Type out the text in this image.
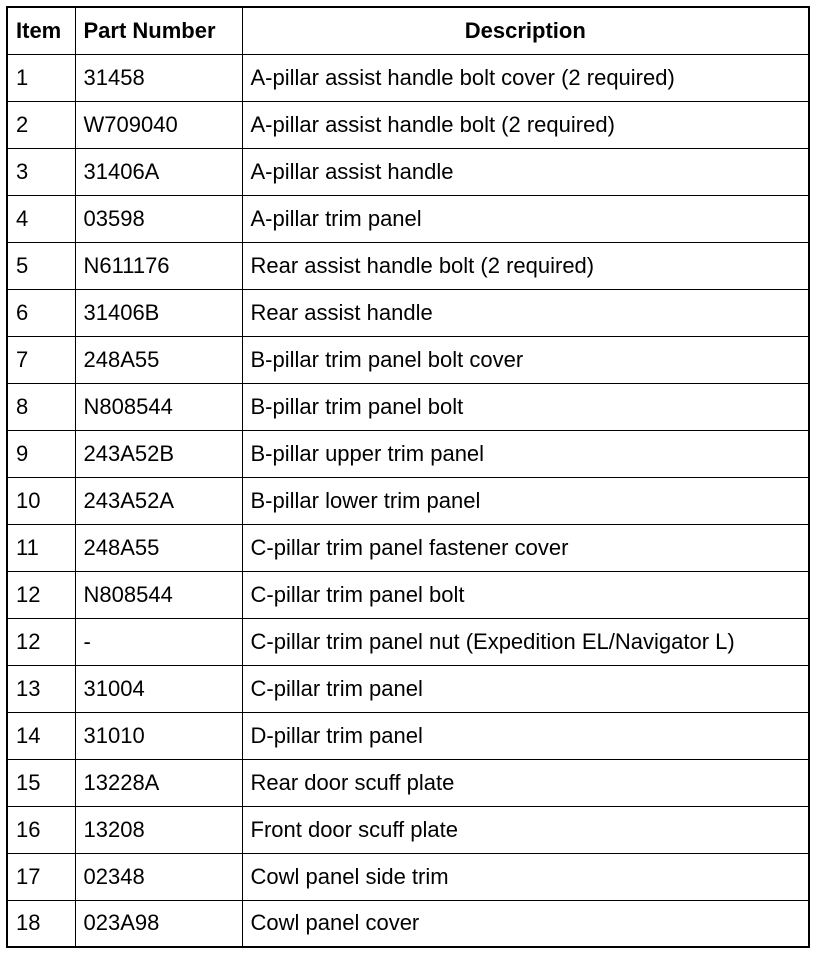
Item	Part Number	Description
1	31458	A-pillar assist handle bolt cover (2 required)
2	W709040	A-pillar assist handle bolt (2 required)
3	31406A	A-pillar assist handle
4	03598	A-pillar trim panel
5	N611176	Rear assist handle bolt (2 required)
6	31406B	Rear assist handle
7	248A55	B-pillar trim panel bolt cover
8	N808544	B-pillar trim panel bolt
9	243A52B	B-pillar upper trim panel
10	243A52A	B-pillar lower trim panel
11	248A55	C-pillar trim panel fastener cover
12	N808544	C-pillar trim panel bolt
12	-	C-pillar trim panel nut (Expedition EL/Navigator L)
13	31004	C-pillar trim panel
14	31010	D-pillar trim panel
15	13228A	Rear door scuff plate
16	13208	Front door scuff plate
17	02348	Cowl panel side trim
18	023A98	Cowl panel cover
